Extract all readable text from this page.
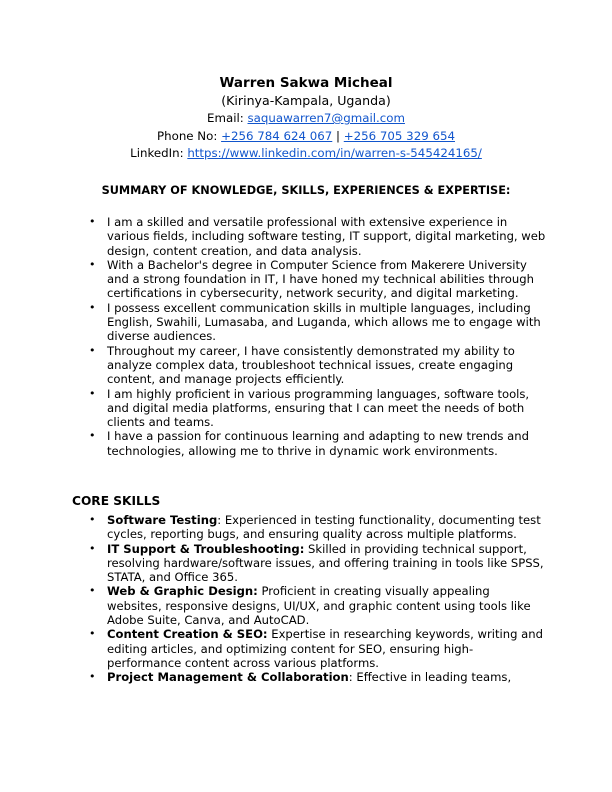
Warren Sakwa Micheal
(Kirinya-Kampala, Uganda)
Email: saquawarren7@gmail.com
Phone No: +256 784 624 067 | +256 705 329 654
LinkedIn: https://www.linkedin.com/in/warren-s-545424165/
SUMMARY OF KNOWLEDGE, SKILLS, EXPERIENCES & EXPERTISE:
• I am a skilled and versatile professional with extensive experience in various fields, including software testing, IT support, digital marketing, web design, content creation, and data analysis.
• With a Bachelor's degree in Computer Science from Makerere University and a strong foundation in IT, I have honed my technical abilities through certifications in cybersecurity, network security, and digital marketing.
• I possess excellent communication skills in multiple languages, including English, Swahili, Lumasaba, and Luganda, which allows me to engage with diverse audiences.
• Throughout my career, I have consistently demonstrated my ability to analyze complex data, troubleshoot technical issues, create engaging content, and manage projects efficiently.
• I am highly proficient in various programming languages, software tools, and digital media platforms, ensuring that I can meet the needs of both clients and teams.
• I have a passion for continuous learning and adapting to new trends and technologies, allowing me to thrive in dynamic work environments.
CORE SKILLS
• Software Testing: Experienced in testing functionality, documenting test cycles, reporting bugs, and ensuring quality across multiple platforms.
• IT Support & Troubleshooting: Skilled in providing technical support, resolving hardware/software issues, and offering training in tools like SPSS, STATA, and Office 365.
• Web & Graphic Design: Proficient in creating visually appealing websites, responsive designs, UI/UX, and graphic content using tools like Adobe Suite, Canva, and AutoCAD.
• Content Creation & SEO: Expertise in researching keywords, writing and editing articles, and optimizing content for SEO, ensuring high-performance content across various platforms.
• Project Management & Collaboration: Effective in leading teams,
